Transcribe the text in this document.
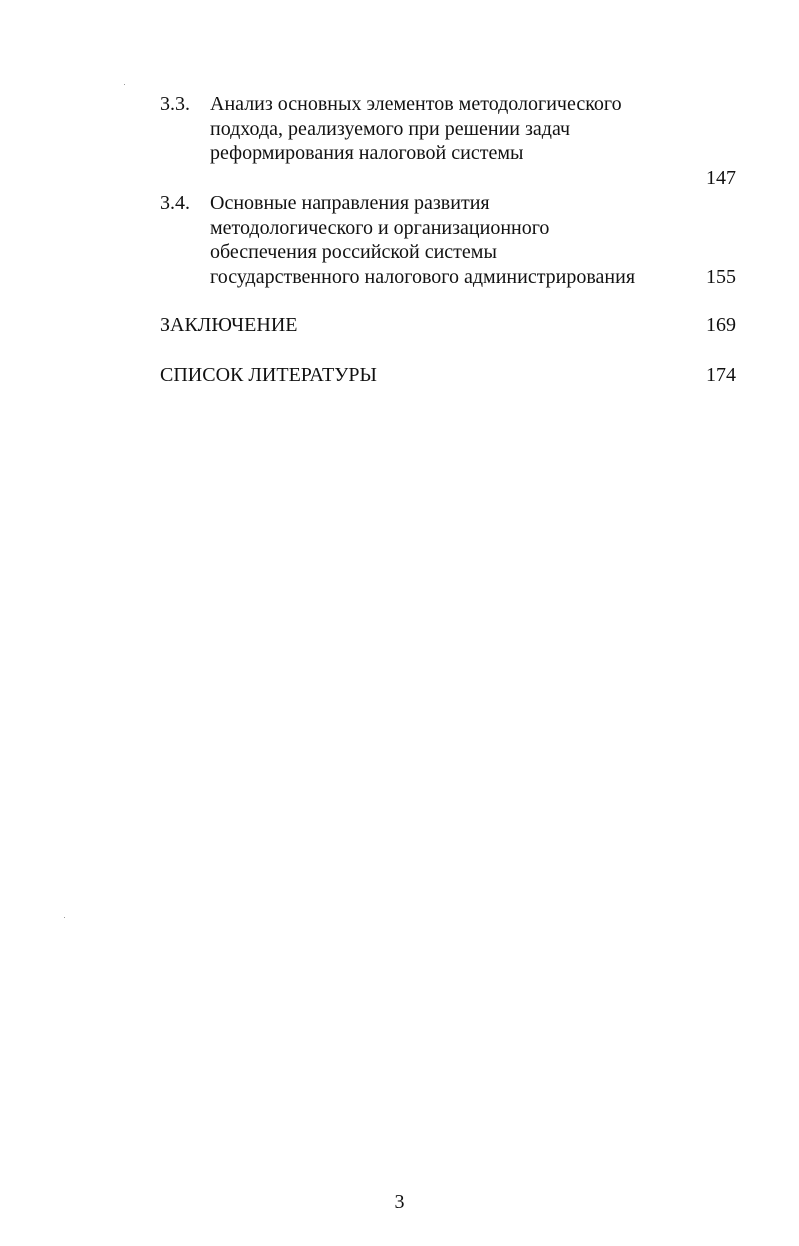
3.3. Анализ основных элементов методологического
подхода, реализуемого при решении задач
реформирования налоговой системы
147
3.4. Основные направления развития
методологического и организационного
обеспечения российской системы
государственного налогового администрирования	155
ЗАКЛЮЧЕНИЕ	169
СПИСОК ЛИТЕРАТУРЫ	174
3
